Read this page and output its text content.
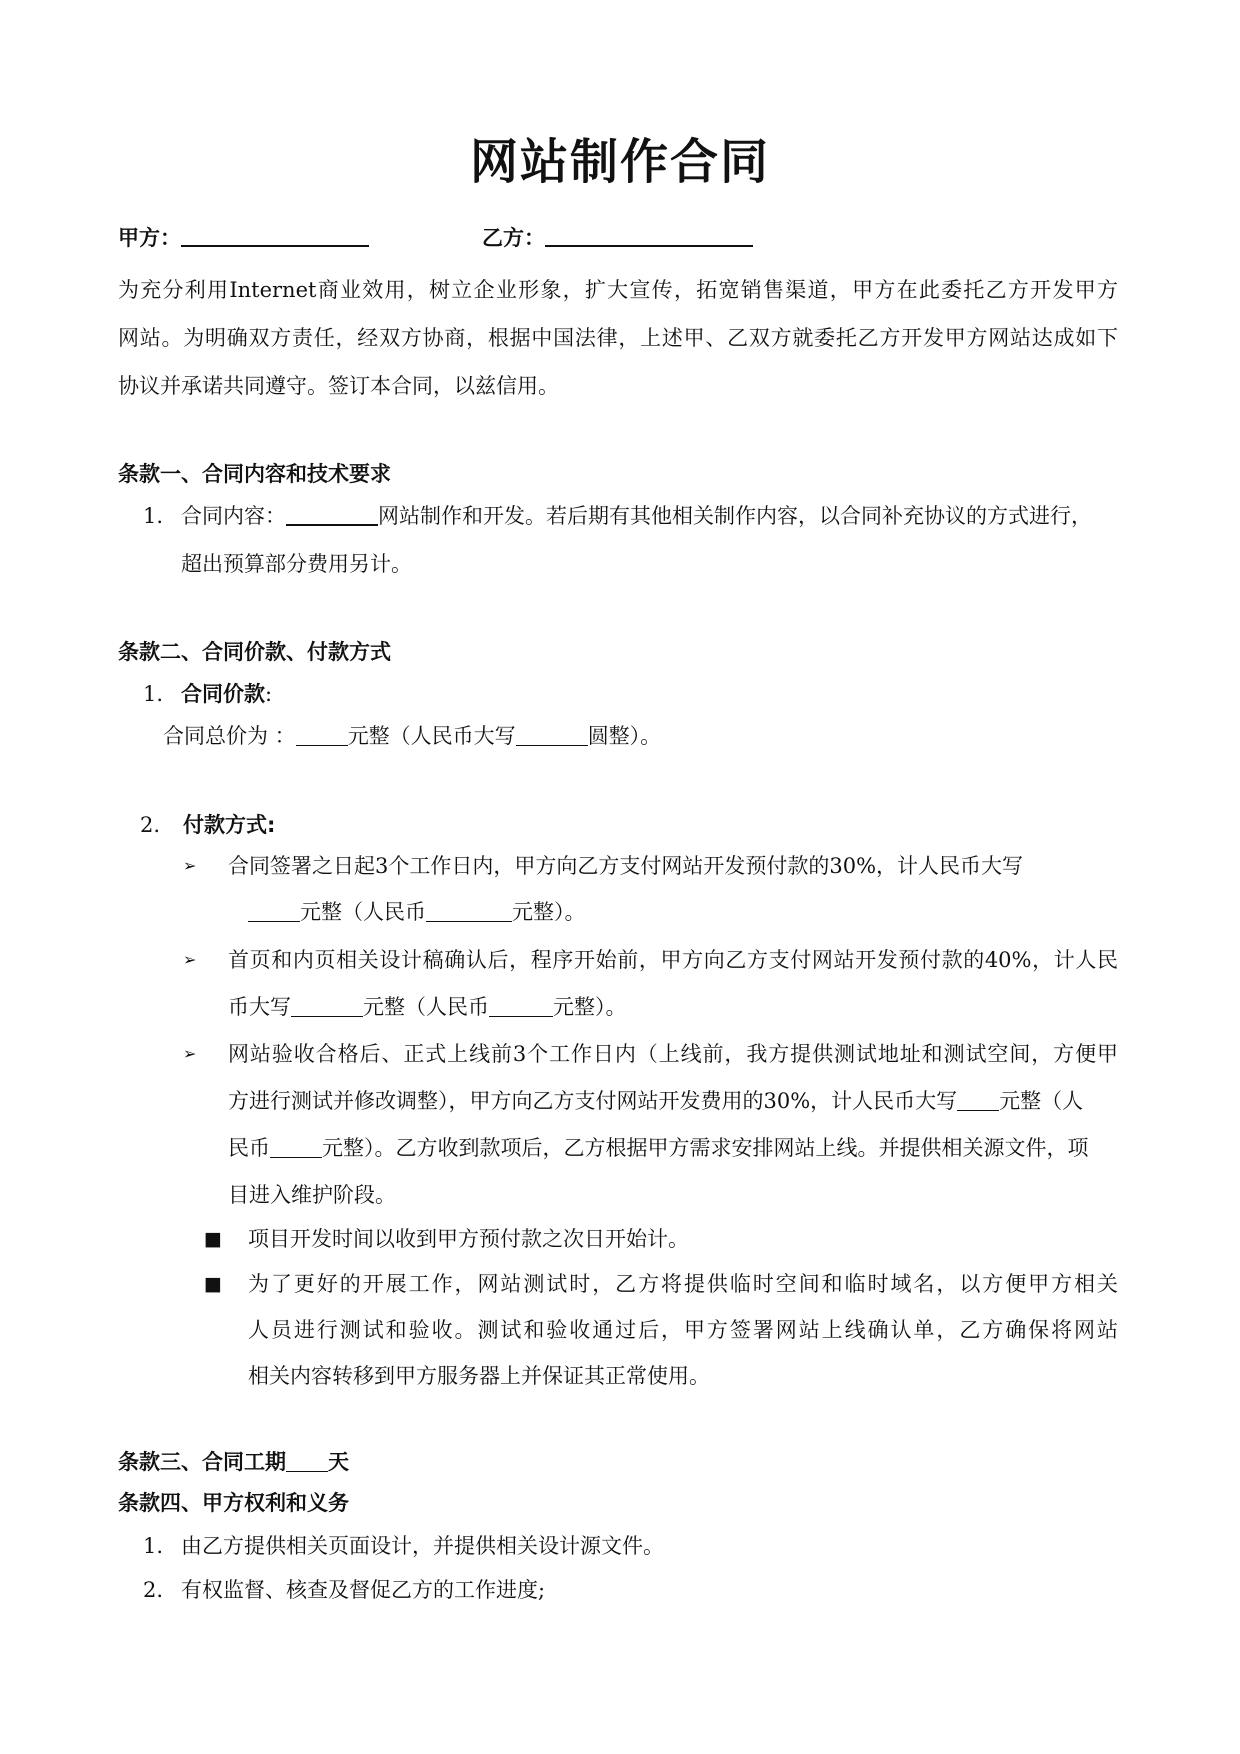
网站制作合同
甲方：	乙方：
为充分利用Internet商业效用，树立企业形象，扩大宣传，拓宽销售渠道，甲方在此委托乙方开发甲方
网站。为明确双方责任，经双方协商，根据中国法律，上述甲、乙双方就委托乙方开发甲方网站达成如下
协议并承诺共同遵守。签订本合同，以兹信用。
条款一、合同内容和技术要求
1. 合同内容：	网站制作和开发。若后期有其他相关制作内容，以合同补充协议的方式进行，
超出预算部分费用另计。
条款二、合同价款、付款方式
1. 合同价款:
合同总价为 ： 元整（人民币大写	圆整）。
2. 付款方式:
➢ 合同签署之日起3个工作日内，甲方向乙方支付网站开发预付款的30%，计人民币大写
元整（人民币	元整）。
➢ 首页和内页相关设计稿确认后，程序开始前，甲方向乙方支付网站开发预付款的40%，计人民
币大写	元整（人民币	元整）。
➢ 网站验收合格后、正式上线前3个工作日内（上线前，我方提供测试地址和测试空间，方便甲
方进行测试并修改调整），甲方向乙方支付网站开发费用的30%，计人民币大写 元整（人
民币 元整）。乙方收到款项后，乙方根据甲方需求安排网站上线。并提供相关源文件，项
目进入维护阶段。
■ 项目开发时间以收到甲方预付款之次日开始计。
■ 为了更好的开展工作，网站测试时，乙方将提供临时空间和临时域名，以方便甲方相关
人员进行测试和验收。测试和验收通过后，甲方签署网站上线确认单，乙方确保将网站
相关内容转移到甲方服务器上并保证其正常使用。
条款三、合同工期 天
条款四、甲方权利和义务
1. 由乙方提供相关页面设计，并提供相关设计源文件。
2. 有权监督、核查及督促乙方的工作进度;
